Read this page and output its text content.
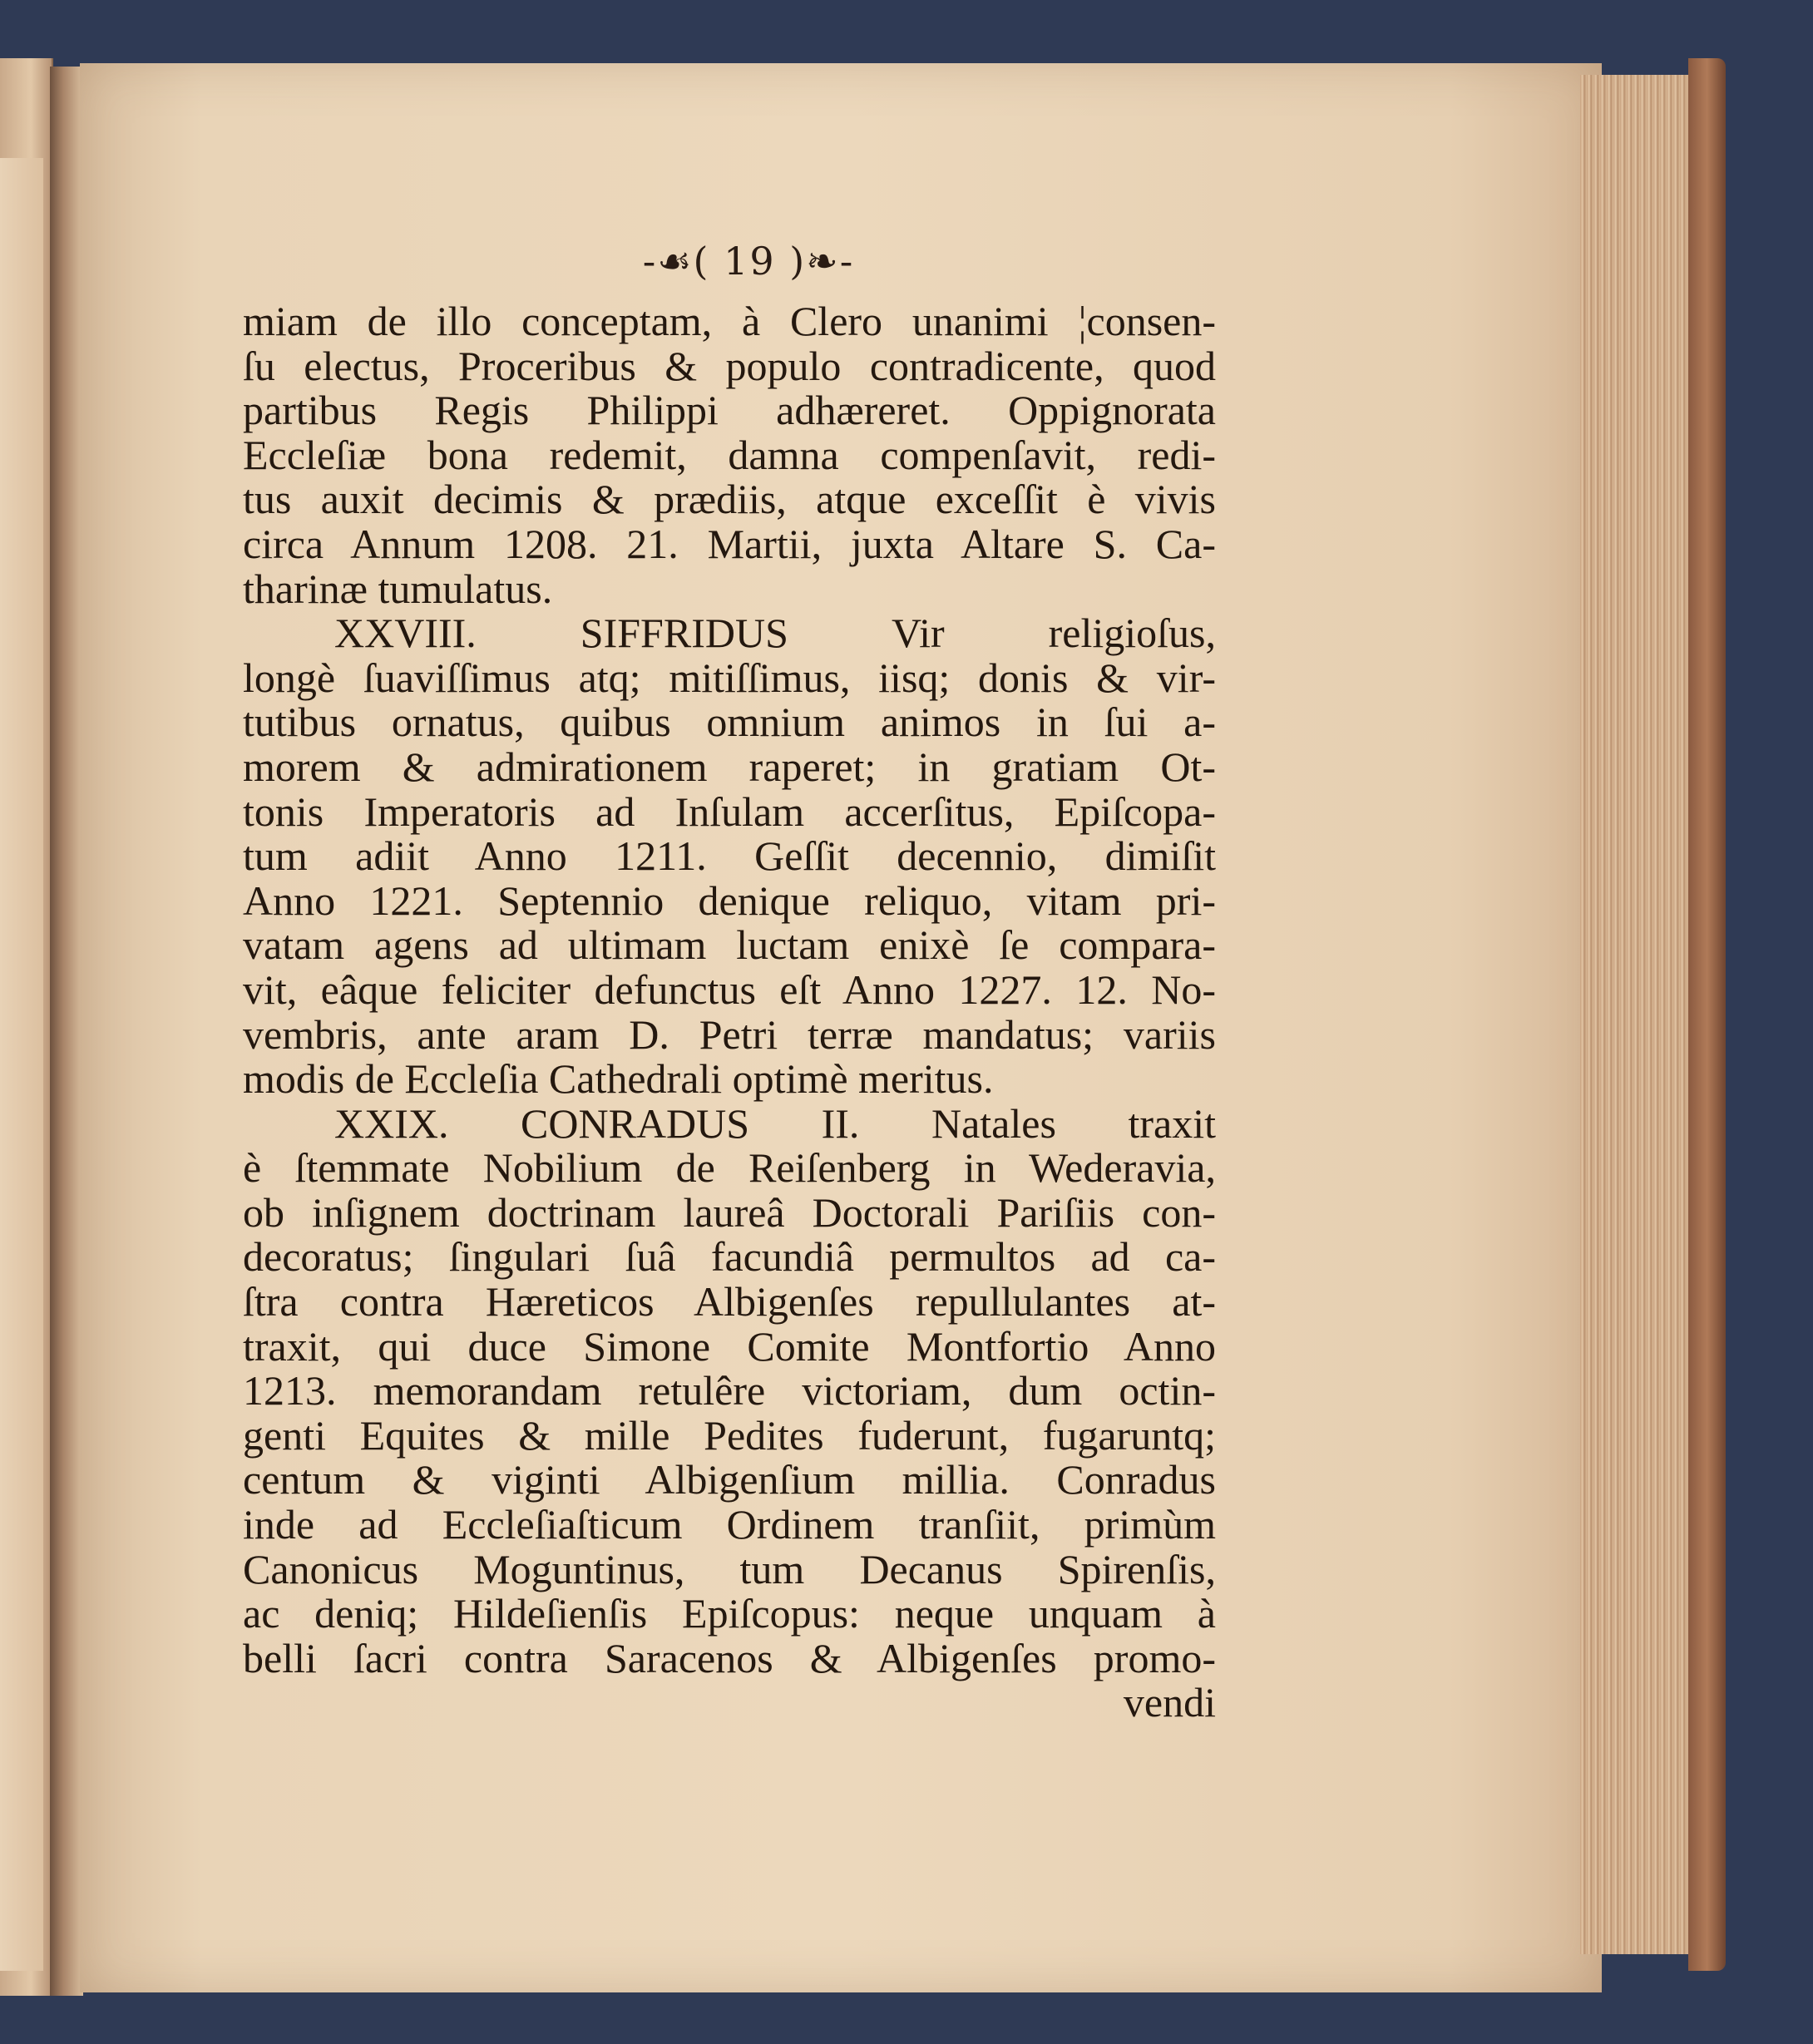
-☙( 19 )❧-
miam de illo conceptam, à Clero unanimi ¦consen-
ſu electus, Proceribus & populo contradicente, quod
partibus Regis Philippi adhæreret. Oppignorata
Eccleſiæ bona redemit, damna compenſavit, redi-
tus auxit decimis & prædiis, atque exceſſit è vivis
circa Annum 1208. 21. Martii, juxta Altare S. Ca-
tharinæ tumulatus.
XXVIII. SIFFRIDUS Vir religioſus,
longè ſuaviſſimus atq; mitiſſimus, iisq; donis & vir-
tutibus ornatus, quibus omnium animos in ſui a-
morem & admirationem raperet; in gratiam Ot-
tonis Imperatoris ad Inſulam accerſitus, Epiſcopa-
tum adiit Anno 1211. Geſſit decennio, dimiſit
Anno 1221. Septennio denique reliquo, vitam pri-
vatam agens ad ultimam luctam enixè ſe compara-
vit, eâque feliciter defunctus eſt Anno 1227. 12. No-
vembris, ante aram D. Petri terræ mandatus; variis
modis de Eccleſia Cathedrali optimè meritus.
XXIX. CONRADUS II. Natales traxit
è ſtemmate Nobilium de Reiſenberg in Wederavia,
ob inſignem doctrinam laureâ Doctorali Pariſiis con-
decoratus; ſingulari ſuâ facundiâ permultos ad ca-
ſtra contra Hæreticos Albigenſes repullulantes at-
traxit, qui duce Simone Comite Montfortio Anno
1213. memorandam retulêre victoriam, dum octin-
genti Equites & mille Pedites fuderunt, fugaruntq;
centum & viginti Albigenſium millia. Conradus
inde ad Eccleſiaſticum Ordinem tranſiit, primùm
Canonicus Moguntinus, tum Decanus Spirenſis,
ac deniq; Hildeſienſis Epiſcopus: neque unquam à
belli ſacri contra Saracenos & Albigenſes promo-
vendi
